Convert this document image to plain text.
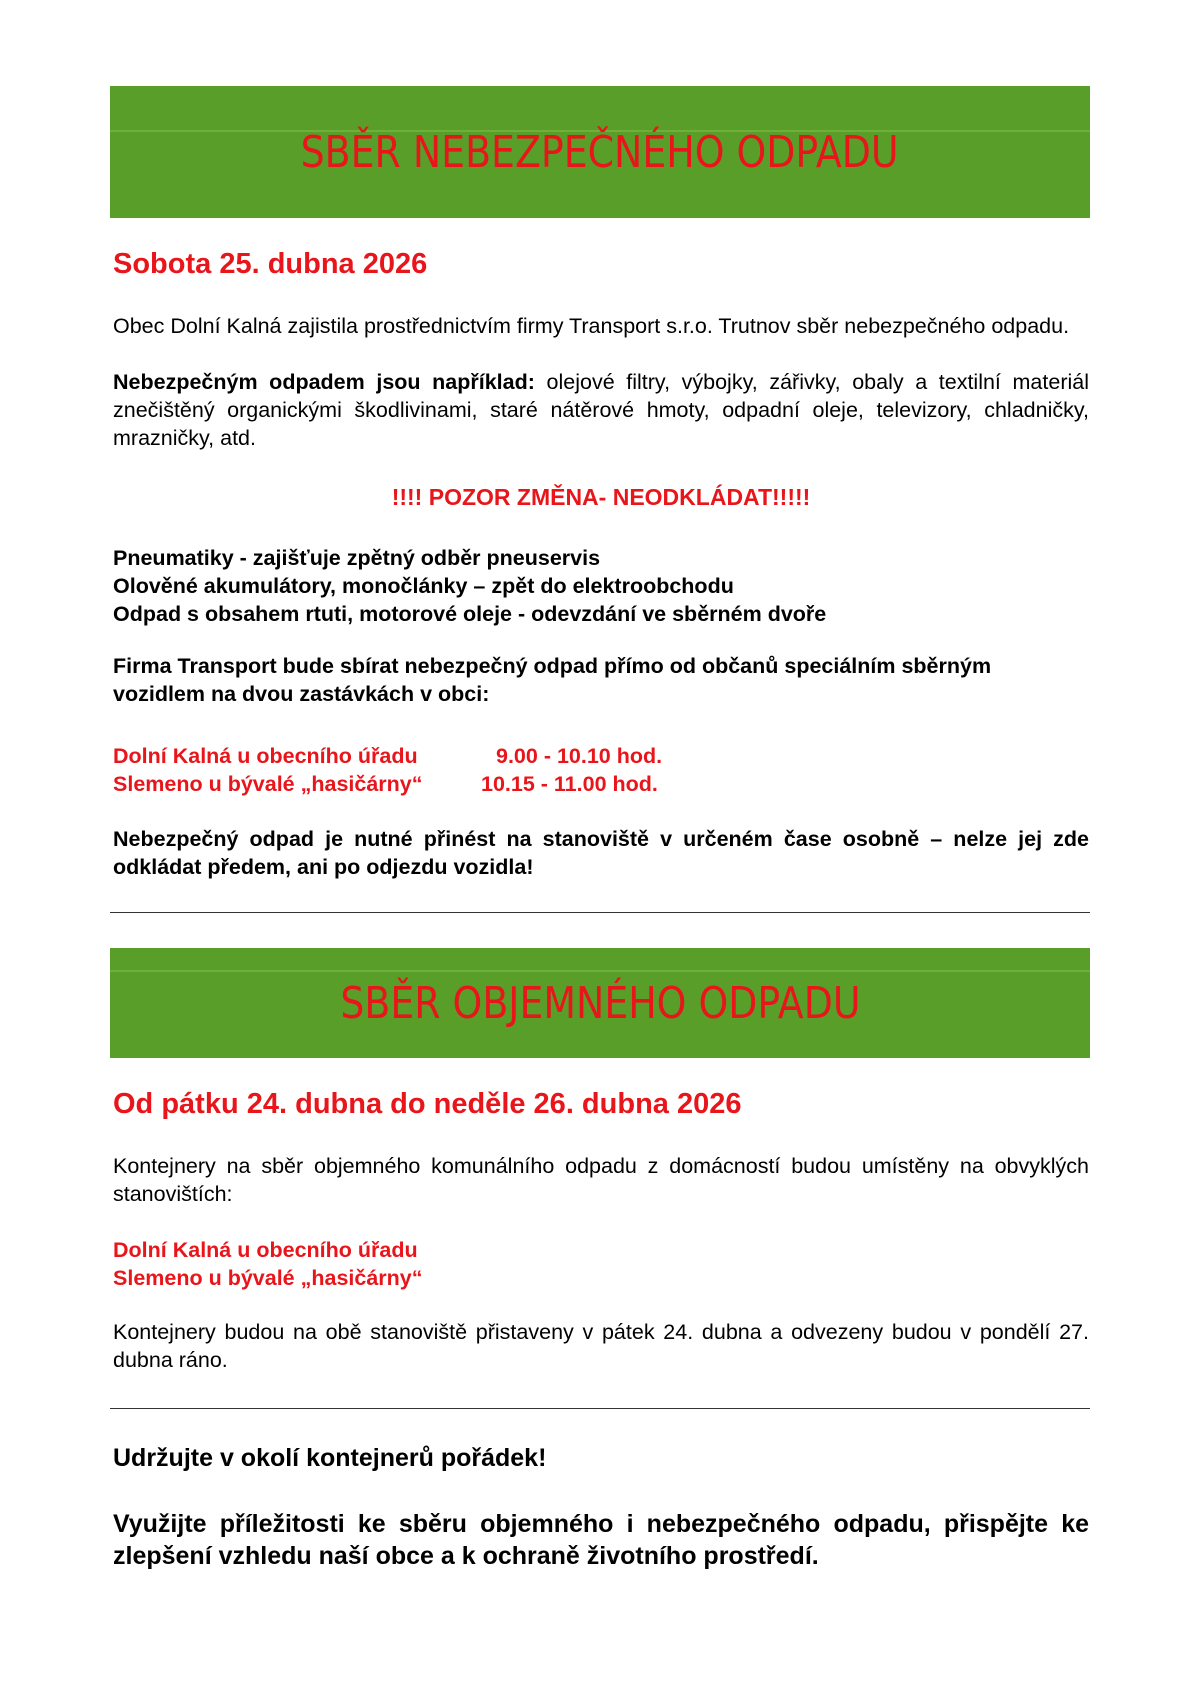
SBĚR NEBEZPEČNÉHO ODPADU
Sobota 25. dubna 2026
Obec Dolní Kalná zajistila prostřednictvím firmy Transport s.r.o. Trutnov sběr nebezpečného odpadu.
Nebezpečným odpadem jsou například: olejové filtry, výbojky, zářivky, obaly a textilní materiál znečištěný organickými škodlivinami, staré nátěrové hmoty, odpadní oleje, televizory, chladničky, mrazničky, atd.
!!!! POZOR ZMĚNA- NEODKLÁDAT!!!!!
Pneumatiky - zajišťuje zpětný odběr pneuservis
Olověné akumulátory, monočlánky – zpět do elektroobchodu
Odpad s obsahem rtuti, motorové oleje - odevzdání ve sběrném dvoře
Firma Transport bude sbírat nebezpečný odpad přímo od občanů speciálním sběrným vozidlem na dvou zastávkách v obci:
Dolní Kalná u obecního úřadu	9.00 - 10.10 hod.
Slemeno u bývalé „hasičárny“	10.15 - 11.00 hod.
Nebezpečný odpad je nutné přinést na stanoviště v určeném čase osobně – nelze jej zde odkládat předem, ani po odjezdu vozidla!
SBĚR OBJEMNÉHO ODPADU
Od pátku 24. dubna do neděle 26. dubna 2026
Kontejnery na sběr objemného komunálního odpadu z domácností budou umístěny na obvyklých stanovištích:
Dolní Kalná u obecního úřadu
Slemeno u bývalé „hasičárny“
Kontejnery budou na obě stanoviště přistaveny v pátek 24. dubna a odvezeny budou v pondělí 27. dubna ráno.
Udržujte v okolí kontejnerů pořádek!
Využijte příležitosti ke sběru objemného i nebezpečného odpadu, přispějte ke zlepšení vzhledu naší obce a k ochraně životního prostředí.
